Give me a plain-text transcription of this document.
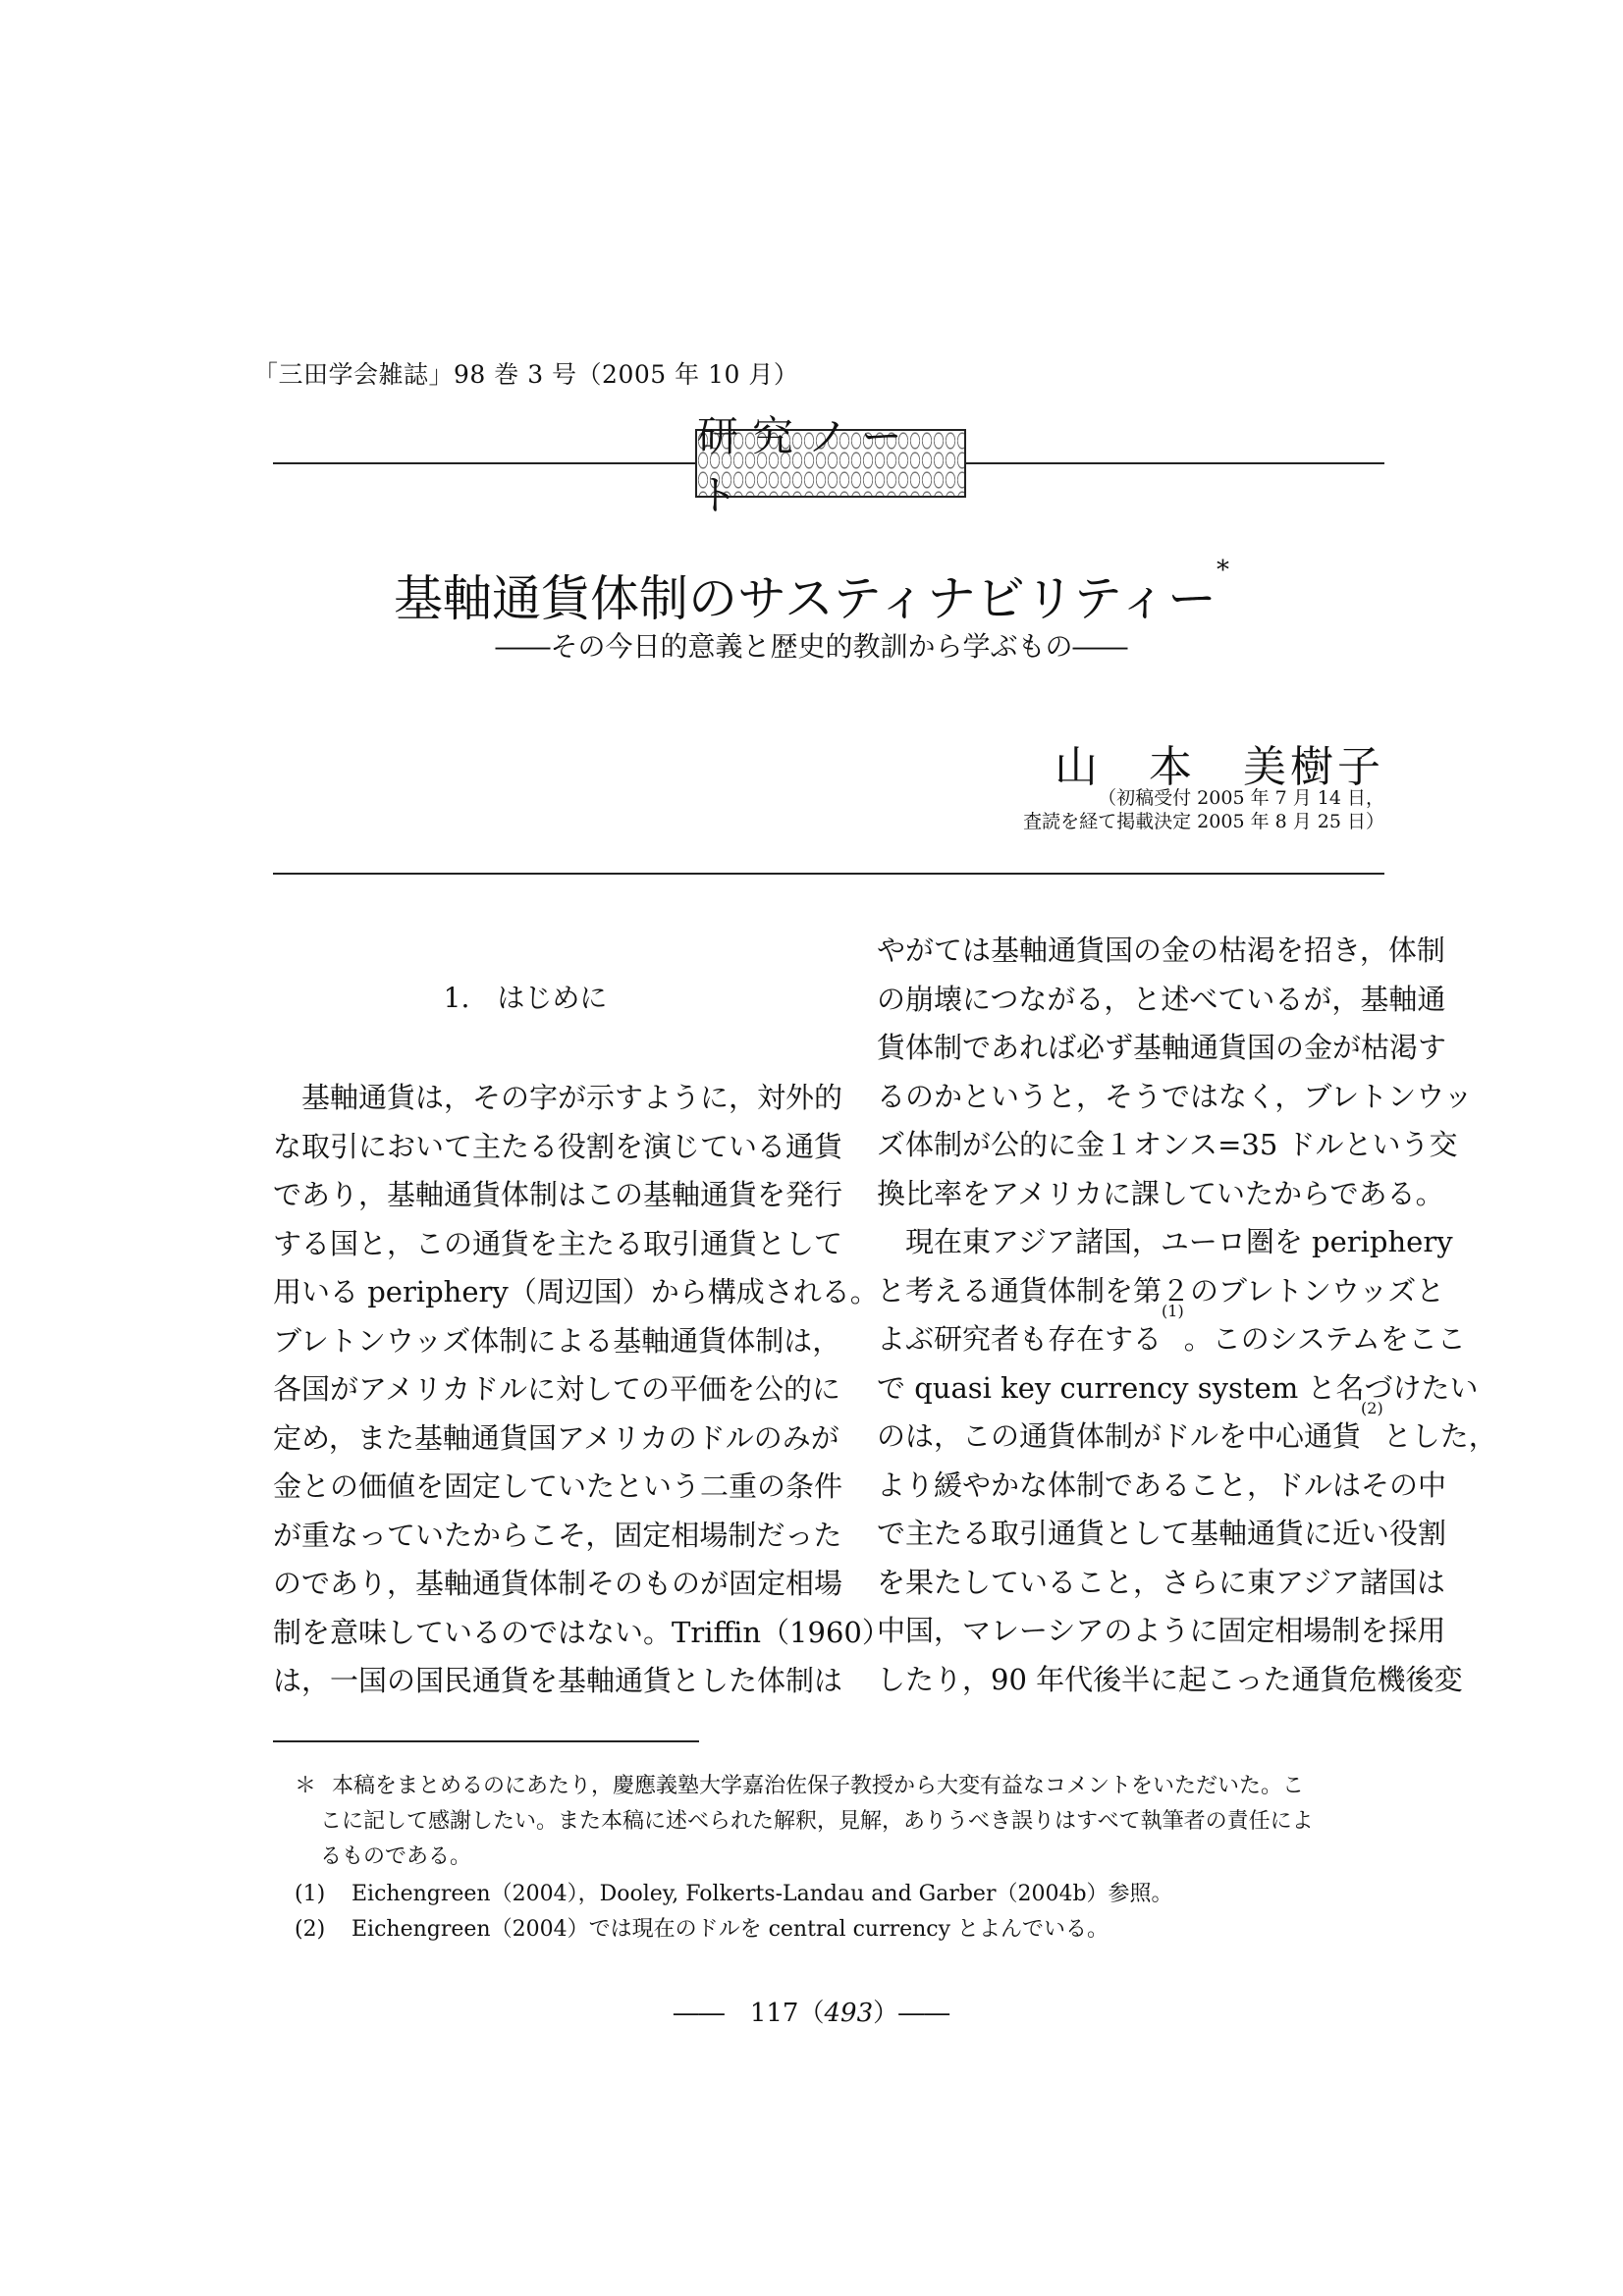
「三田学会雑誌」98 巻 3 号（2005 年 10 月）
研究ノート
基軸通貨体制のサスティナビリティー*
――その今日的意義と歴史的教訓から学ぶもの――
山　本　美樹子
（初稿受付 2005 年 7 月 14 日，
査読を経て掲載決定 2005 年 8 月 25 日）
1.　はじめに
　基軸通貨は，その字が示すように，対外的
な取引において主たる役割を演じている通貨
であり，基軸通貨体制はこの基軸通貨を発行
する国と，この通貨を主たる取引通貨として
用いる periphery（周辺国）から構成される。
ブレトンウッズ体制による基軸通貨体制は，
各国がアメリカドルに対しての平価を公的に
定め，また基軸通貨国アメリカのドルのみが
金との価値を固定していたという二重の条件
が重なっていたからこそ，固定相場制だった
のであり，基軸通貨体制そのものが固定相場
制を意味しているのではない。Triffin（1960）
は，一国の国民通貨を基軸通貨とした体制は
やがては基軸通貨国の金の枯渇を招き，体制
の崩壊につながる，と述べているが，基軸通
貨体制であれば必ず基軸通貨国の金が枯渇す
るのかというと，そうではなく，ブレトンウッ
ズ体制が公的に金１オンス=35 ドルという交
換比率をアメリカに課していたからである。
　現在東アジア諸国，ユーロ圏を periphery
と考える通貨体制を第２のブレトンウッズと
よぶ研究者も存在する$^{(1)}$。このシステムをここ
で quasi key currency system と名づけたい
のは，この通貨体制がドルを中心通貨$^{(2)}$とした，
より緩やかな体制であること，ドルはその中
で主たる取引通貨として基軸通貨に近い役割
を果たしていること，さらに東アジア諸国は
中国，マレーシアのように固定相場制を採用
したり，90 年代後半に起こった通貨危機後変
＊ 本稿をまとめるのにあたり，慶應義塾大学嘉治佐保子教授から大変有益なコメントをいただいた。こ
こに記して感謝したい。また本稿に述べられた解釈，見解，ありうべき誤りはすべて執筆者の責任によ
るものである。
(1) Eichengreen（2004），Dooley, Folkerts-Landau and Garber（2004b）参照。
(2) Eichengreen（2004）では現在のドルを central currency とよんでいる。
――　117（493）――
